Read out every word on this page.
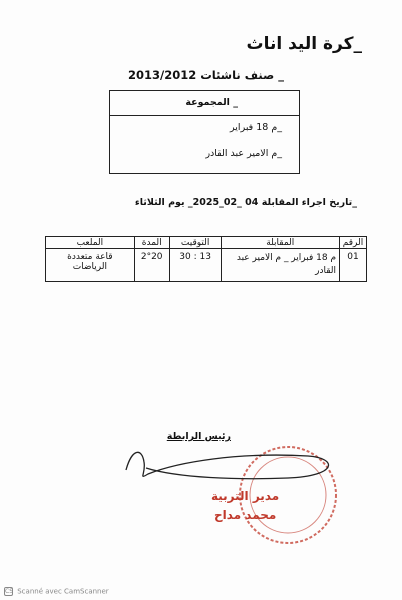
_كرة اليد اناث
_ صنف ناشئات 2013/2012
_ المجموعة
_م 18 فبراير
_م الامير عبد القادر
_تاريخ اجراء المقابلة 04 _02_2025_ يوم الثلاثاء
الرقم	المقابلة	التوقيت	المدة	الملعب
01	م 18 فبراير _ م الامير عبد القادر	13 : 30	2°20	قاعة متعددة الرياضات
رئيس الرابطة
مدير التربية
محمد مداح
CS Scanné avec CamScanner
